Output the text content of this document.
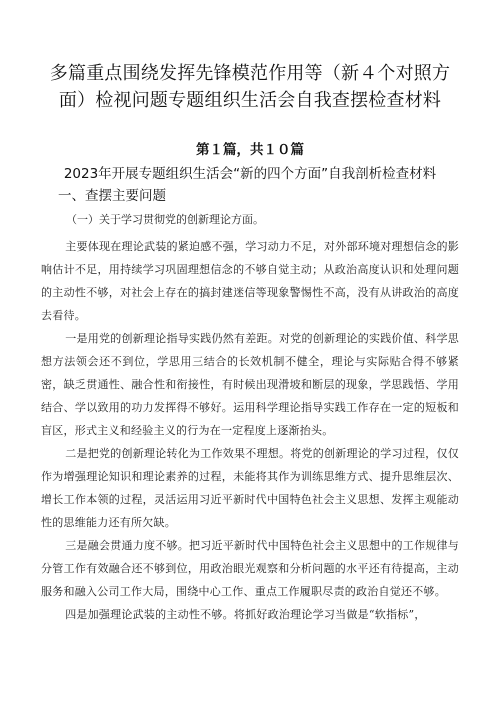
多篇重点围绕发挥先锋模范作用等（新４个对照方面）检视问题专题组织生活会自我查摆检查材料
第１篇，共１０篇
2023年开展专题组织生活会“新的四个方面”自我剖析检查材料
一、查摆主要问题
（一）关于学习贯彻党的创新理论方面。

主要体现在理论武装的紧迫感不强，学习动力不足，对外部环境对理想信念的影响估计不足，用持续学习巩固理想信念的不够自觉主动；从政治高度认识和处理问题的主动性不够，对社会上存在的搞封建迷信等现象警惕性不高，没有从讲政治的高度去看待。

一是用党的创新理论指导实践仍然有差距。对党的创新理论的实践价值、科学思想方法领会还不到位，学思用三结合的长效机制不健全，理论与实际贴合得不够紧密，缺乏贯通性、融合性和衔接性，有时候出现滑坡和断层的现象，学思践悟、学用结合、学以致用的功力发挥得不够好。运用科学理论指导实践工作存在一定的短板和盲区，形式主义和经验主义的行为在一定程度上逐渐抬头。

二是把党的创新理论转化为工作效果不理想。将党的创新理论的学习过程，仅仅作为增强理论知识和理论素养的过程，未能将其作为训练思维方式、提升思维层次、增长工作本领的过程，灵活运用习近平新时代中国特色社会主义思想、发挥主观能动性的思维能力还有所欠缺。

三是融会贯通力度不够。把习近平新时代中国特色社会主义思想中的工作规律与分管工作有效融合还不够到位，用政治眼光观察和分析问题的水平还有待提高，主动服务和融入公司工作大局，围绕中心工作、重点工作履职尽责的政治自觉还不够。

四是加强理论武装的主动性不够。将抓好政治理论学习当做是“软指标”，
